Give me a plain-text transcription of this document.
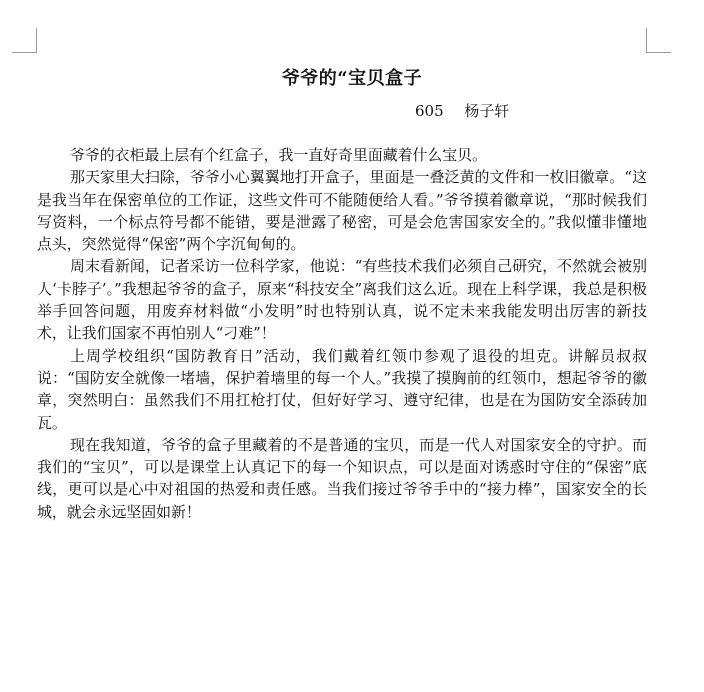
爷爷的“宝贝盒子
605 杨子轩

爷爷的衣柜最上层有个红盒子，我一直好奇里面藏着什么宝贝。

那天家里大扫除，爷爷小心翼翼地打开盒子，里面是一叠泛黄的文件和一枚旧徽章。“这是我当年在保密单位的工作证，这些文件可不能随便给人看。”爷爷摸着徽章说，“那时候我们写资料，一个标点符号都不能错，要是泄露了秘密，可是会危害国家安全的。”我似懂非懂地点头，突然觉得“保密”两个字沉甸甸的。

周末看新闻，记者采访一位科学家，他说：“有些技术我们必须自己研究，不然就会被别人‘卡脖子’。”我想起爷爷的盒子，原来“科技安全”离我们这么近。现在上科学课，我总是积极举手回答问题，用废弃材料做“小发明”时也特别认真，说不定未来我能发明出厉害的新技术，让我们国家不再怕别人“刁难”！

上周学校组织“国防教育日”活动，我们戴着红领巾参观了退役的坦克。讲解员叔叔说：“国防安全就像一堵墙，保护着墙里的每一个人。”我摸了摸胸前的红领巾，想起爷爷的徽章，突然明白：虽然我们不用扛枪打仗，但好好学习、遵守纪律，也是在为国防安全添砖加瓦。

现在我知道，爷爷的盒子里藏着的不是普通的宝贝，而是一代人对国家安全的守护。而我们的“宝贝”，可以是课堂上认真记下的每一个知识点，可以是面对诱惑时守住的“保密”底线，更可以是心中对祖国的热爱和责任感。当我们接过爷爷手中的“接力棒”，国家安全的长城，就会永远坚固如新！
